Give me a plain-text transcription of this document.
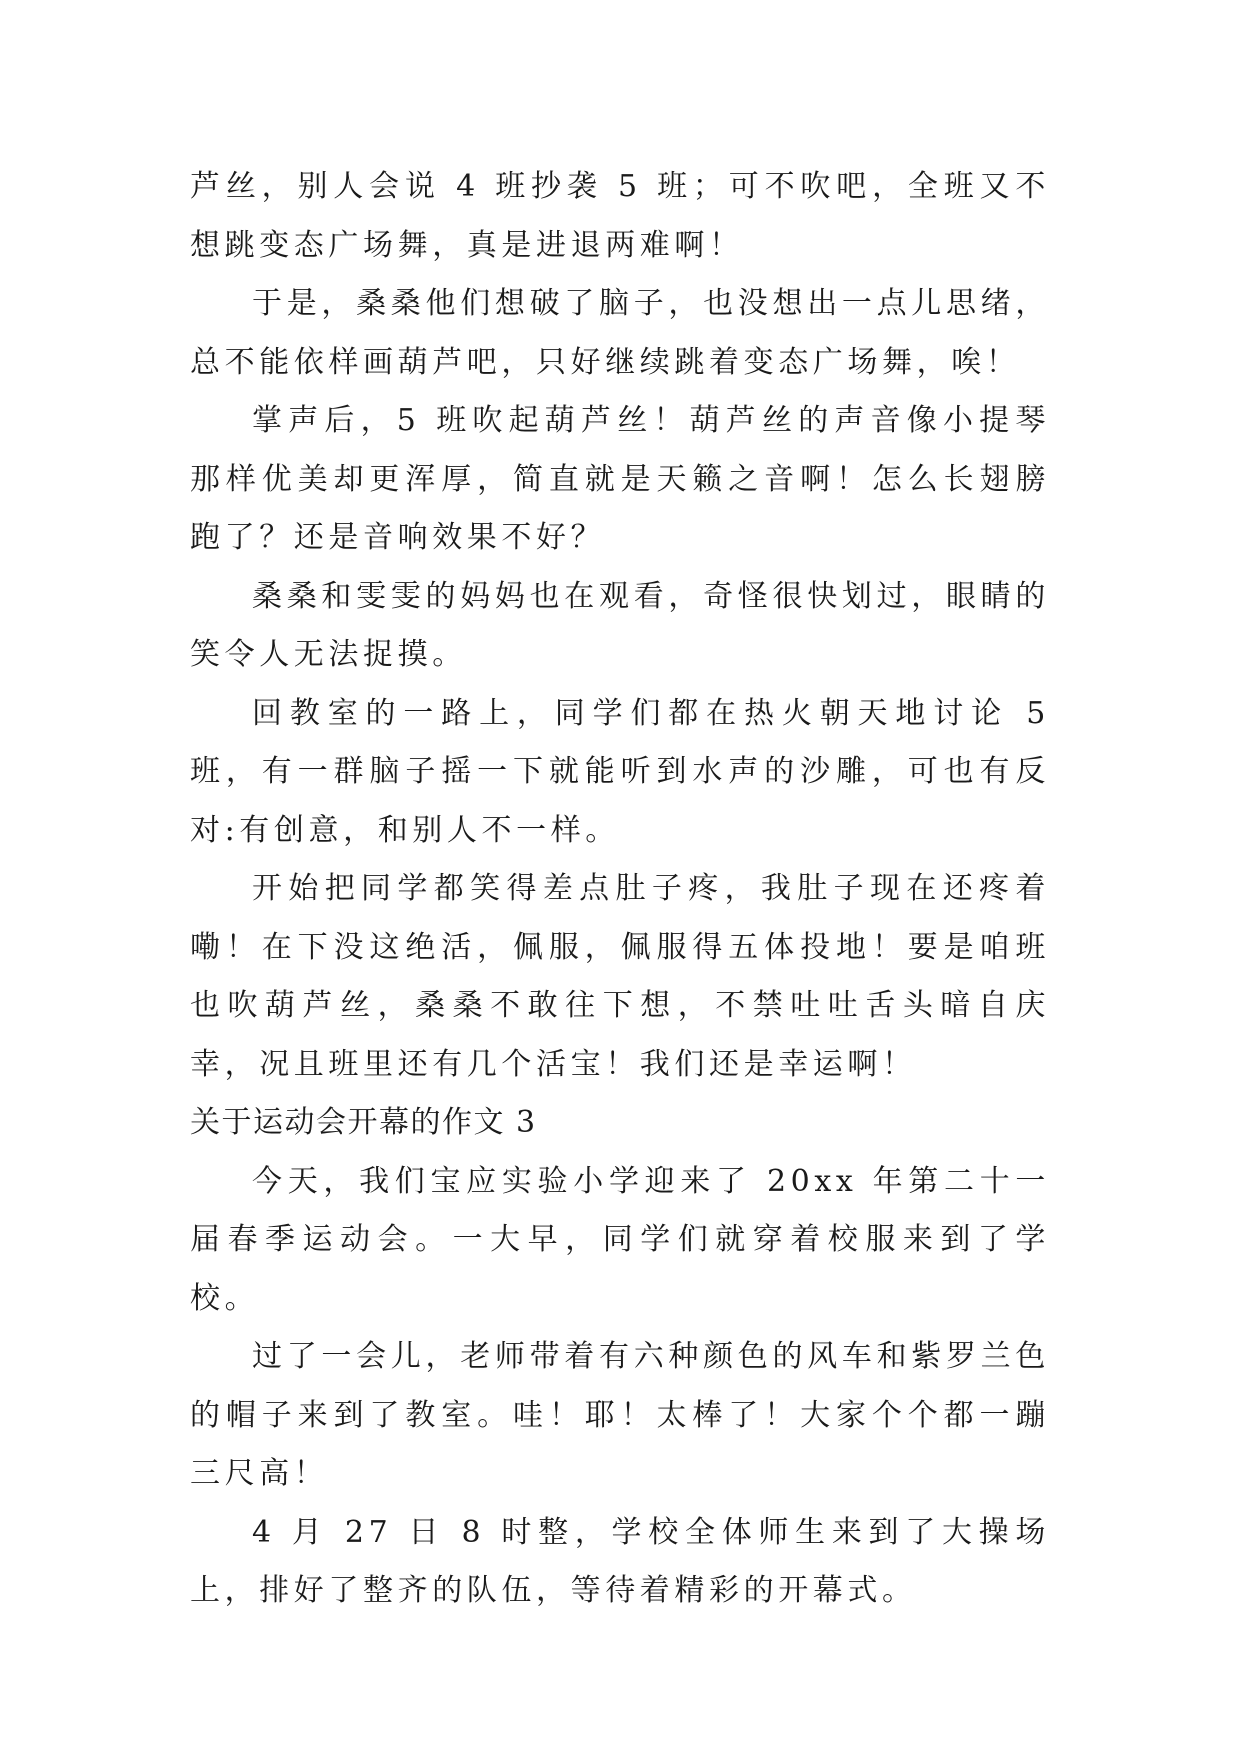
芦丝，别人会说 4 班抄袭 5 班；可不吹吧，全班又不想跳变态广场舞，真是进退两难啊！

于是，桑桑他们想破了脑子，也没想出一点儿思绪，总不能依样画葫芦吧，只好继续跳着变态广场舞，唉！

掌声后，5 班吹起葫芦丝！葫芦丝的声音像小提琴那样优美却更浑厚，简直就是天籁之音啊！怎么长翅膀跑了？还是音响效果不好？

桑桑和雯雯的妈妈也在观看，奇怪很快划过，眼睛的笑令人无法捉摸。

回教室的一路上，同学们都在热火朝天地讨论 5 班，有一群脑子摇一下就能听到水声的沙雕，可也有反对:有创意，和别人不一样。

开始把同学都笑得差点肚子疼，我肚子现在还疼着嘞！在下没这绝活，佩服，佩服得五体投地！要是咱班也吹葫芦丝，桑桑不敢往下想，不禁吐吐舌头暗自庆幸，况且班里还有几个活宝！我们还是幸运啊！

关于运动会开幕的作文 3

今天，我们宝应实验小学迎来了 20xx 年第二十一届春季运动会。一大早，同学们就穿着校服来到了学校。

过了一会儿，老师带着有六种颜色的风车和紫罗兰色的帽子来到了教室。哇！耶！太棒了！大家个个都一蹦三尺高！

4 月 27 日 8 时整，学校全体师生来到了大操场上，排好了整齐的队伍，等待着精彩的开幕式。
